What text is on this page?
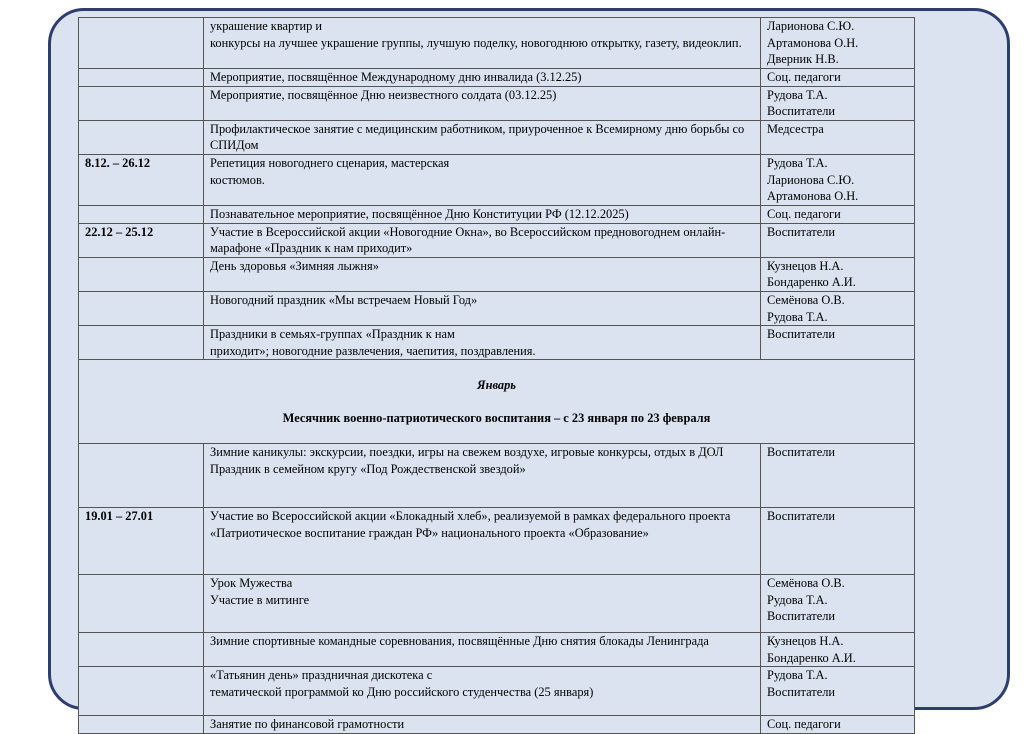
	украшение квартир и
конкурсы на лучшее украшение группы, лучшую поделку, новогоднюю открытку, газету, видеоклип.	Ларионова С.Ю.
Артамонова О.Н.
Дверник Н.В.
	Мероприятие, посвящённое Международному дню инвалида (3.12.25)	Соц. педагоги
	Мероприятие, посвящённое Дню неизвестного солдата (03.12.25)	Рудова Т.А.
Воспитатели
	Профилактическое занятие с медицинским работником, приуроченное к Всемирному дню борьбы со СПИДом	Медсестра
8.12. – 26.12	Репетиция новогоднего сценария, мастерская
костюмов.	Рудова Т.А.
Ларионова С.Ю.
Артамонова О.Н.
	Познавательное мероприятие, посвящённое Дню Конституции РФ (12.12.2025)	Соц. педагоги
22.12 – 25.12	Участие в Всероссийской акции «Новогодние Окна», во Всероссийском предновогоднем онлайн-марафоне «Праздник к нам приходит»	Воспитатели
	День здоровья «Зимняя лыжня»	Кузнецов Н.А.
Бондаренко А.И.
	Новогодний праздник «Мы встречаем Новый Год»	Семёнова О.В.
Рудова Т.А.
	Праздники в семьях-группах «Праздник к нам
приходит»; новогодние развлечения, чаепития, поздравления.	Воспитатели

Январь

Месячник военно-патриотического воспитания – с 23 января по 23 февраля		

	Зимние каникулы: экскурсии, поездки, игры на свежем воздухе, игровые конкурсы, отдых в ДОЛ
Праздник в семейном кругу «Под Рождественской звездой»	Воспитатели
19.01 – 27.01	Участие во Всероссийской акции «Блокадный хлеб», реализуемой в рамках федерального проекта «Патриотическое воспитание граждан РФ» национального проекта «Образование»	Воспитатели
	Урок Мужества
Участие в митинге	Семёнова О.В.
Рудова Т.А.
Воспитатели
	Зимние спортивные командные соревнования, посвящённые Дню снятия блокады Ленинграда	Кузнецов Н.А.
Бондаренко А.И.
	«Татьянин день» праздничная дискотека с
тематической программой ко Дню российского студенчества (25 января)	Рудова Т.А.
Воспитатели
	Занятие по финансовой грамотности	Соц. педагоги
